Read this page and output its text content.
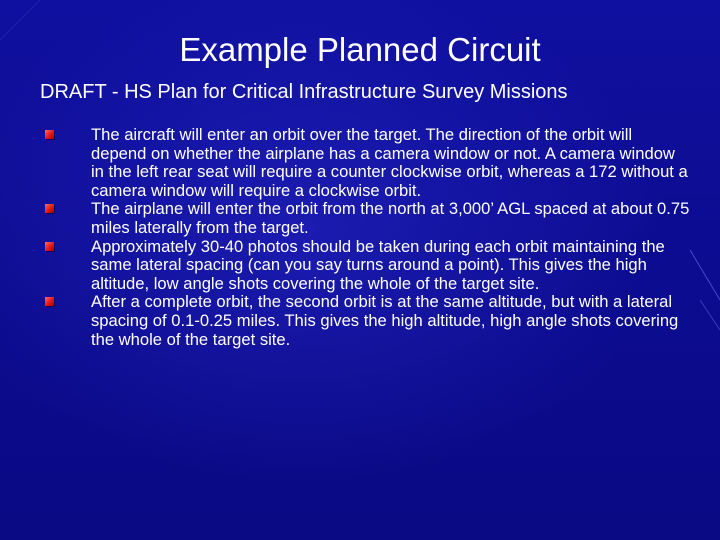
Example Planned Circuit
DRAFT - HS Plan for Critical Infrastructure Survey Missions
The aircraft will enter an orbit over the target. The direction of the orbit will depend on whether the airplane has a camera window or not. A camera window in the left rear seat will require a counter clockwise orbit, whereas a 172 without a camera window will require a clockwise orbit.
The airplane will enter the orbit from the north at 3,000’ AGL spaced at about 0.75 miles laterally from the target.
Approximately 30-40 photos should be taken during each orbit maintaining the same lateral spacing (can you say turns around a point). This gives the high altitude, low angle shots covering the whole of the target site.
After a complete orbit, the second orbit is at the same altitude, but with a lateral spacing of 0.1-0.25 miles. This gives the high altitude, high angle shots covering the whole of the target site.
